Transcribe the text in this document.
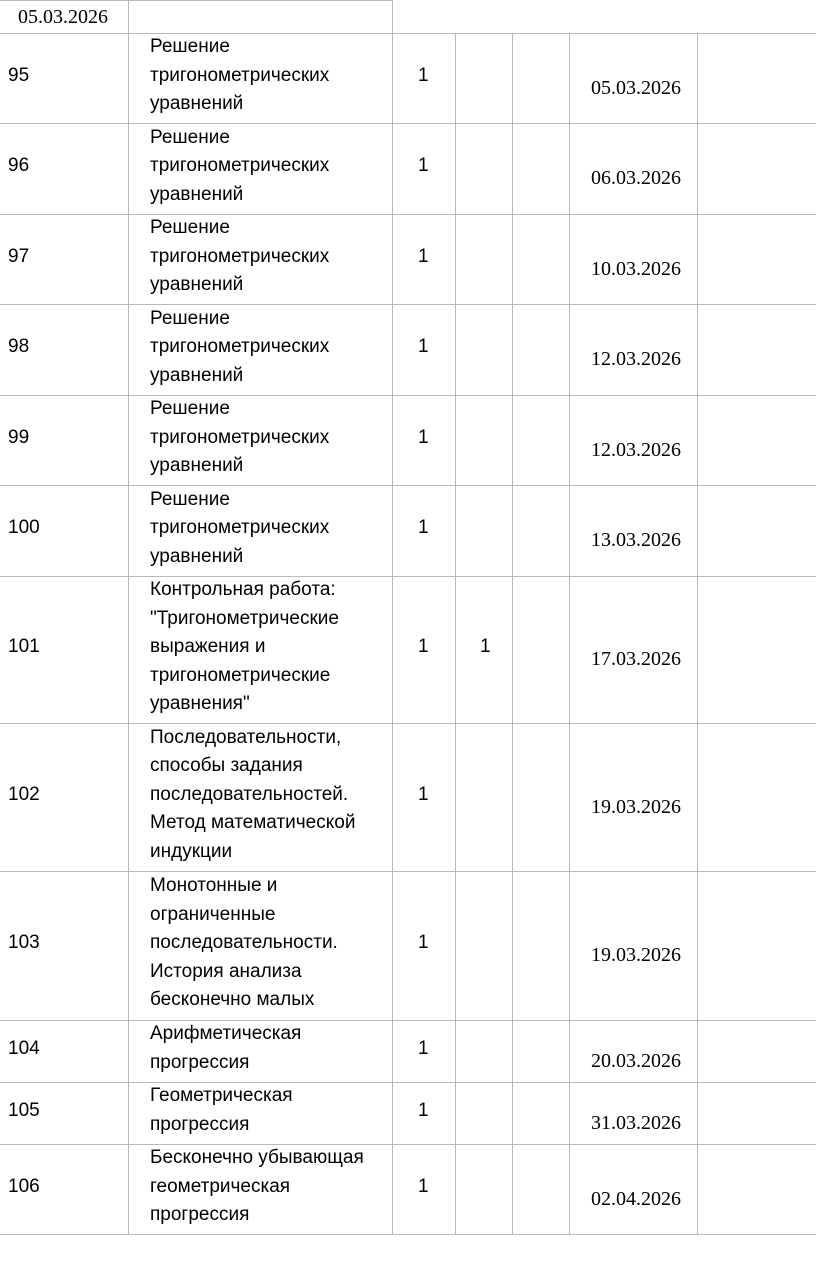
05.03.2026
95
Решение
тригонометрических
уравнений
1
05.03.2026
96
Решение
тригонометрических
уравнений
1
06.03.2026
97
Решение
тригонометрических
уравнений
1
10.03.2026
98
Решение
тригонометрических
уравнений
1
12.03.2026
99
Решение
тригонометрических
уравнений
1
12.03.2026
100
Решение
тригонометрических
уравнений
1
13.03.2026
101
Контрольная работа:
"Тригонометрические
выражения и
тригонометрические
уравнения"
1	1
17.03.2026
102
Последовательности,
способы задания
последовательностей.
Метод математической
индукции
1
19.03.2026
103
Монотонные и
ограниченные
последовательности.
История анализа
бесконечно малых
1
19.03.2026
104
Арифметическая
прогрессия
1
20.03.2026
105
Геометрическая
прогрессия
1
31.03.2026
106
Бесконечно убывающая
геометрическая
прогрессия
1
02.04.2026
